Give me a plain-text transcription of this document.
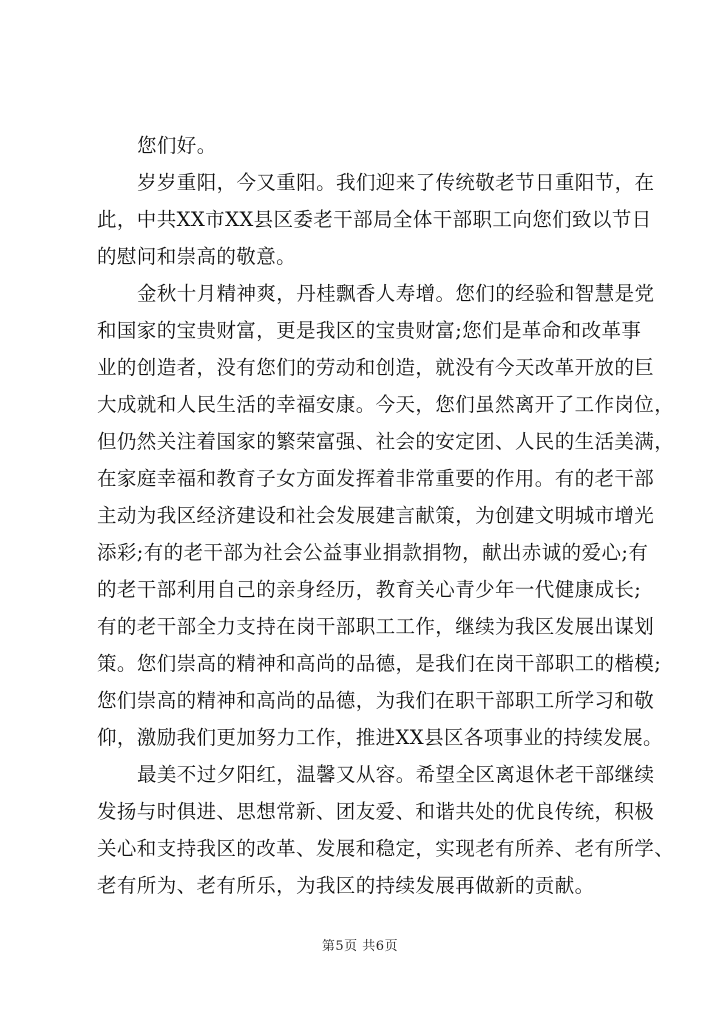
您们好。

岁岁重阳，今又重阳。我们迎来了传统敬老节日重阳节，在
此，中共XX市XX县区委老干部局全体干部职工向您们致以节日
的慰问和崇高的敬意。

金秋十月精神爽，丹桂飘香人寿增。您们的经验和智慧是党
和国家的宝贵财富，更是我区的宝贵财富;您们是革命和改革事
业的创造者，没有您们的劳动和创造，就没有今天改革开放的巨
大成就和人民生活的幸福安康。今天，您们虽然离开了工作岗位，
但仍然关注着国家的繁荣富强、社会的安定团、人民的生活美满，
在家庭幸福和教育子女方面发挥着非常重要的作用。有的老干部
主动为我区经济建设和社会发展建言献策，为创建文明城市增光
添彩;有的老干部为社会公益事业捐款捐物，献出赤诚的爱心;有
的老干部利用自己的亲身经历，教育关心青少年一代健康成长;
有的老干部全力支持在岗干部职工工作，继续为我区发展出谋划
策。您们崇高的精神和高尚的品德，是我们在岗干部职工的楷模;
您们崇高的精神和高尚的品德，为我们在职干部职工所学习和敬
仰，激励我们更加努力工作，推进XX县区各项事业的持续发展。

最美不过夕阳红，温馨又从容。希望全区离退休老干部继续
发扬与时俱进、思想常新、团友爱、和谐共处的优良传统，积极
关心和支持我区的改革、发展和稳定，实现老有所养、老有所学、
老有所为、老有所乐，为我区的持续发展再做新的贡献。

第5页 共6页
